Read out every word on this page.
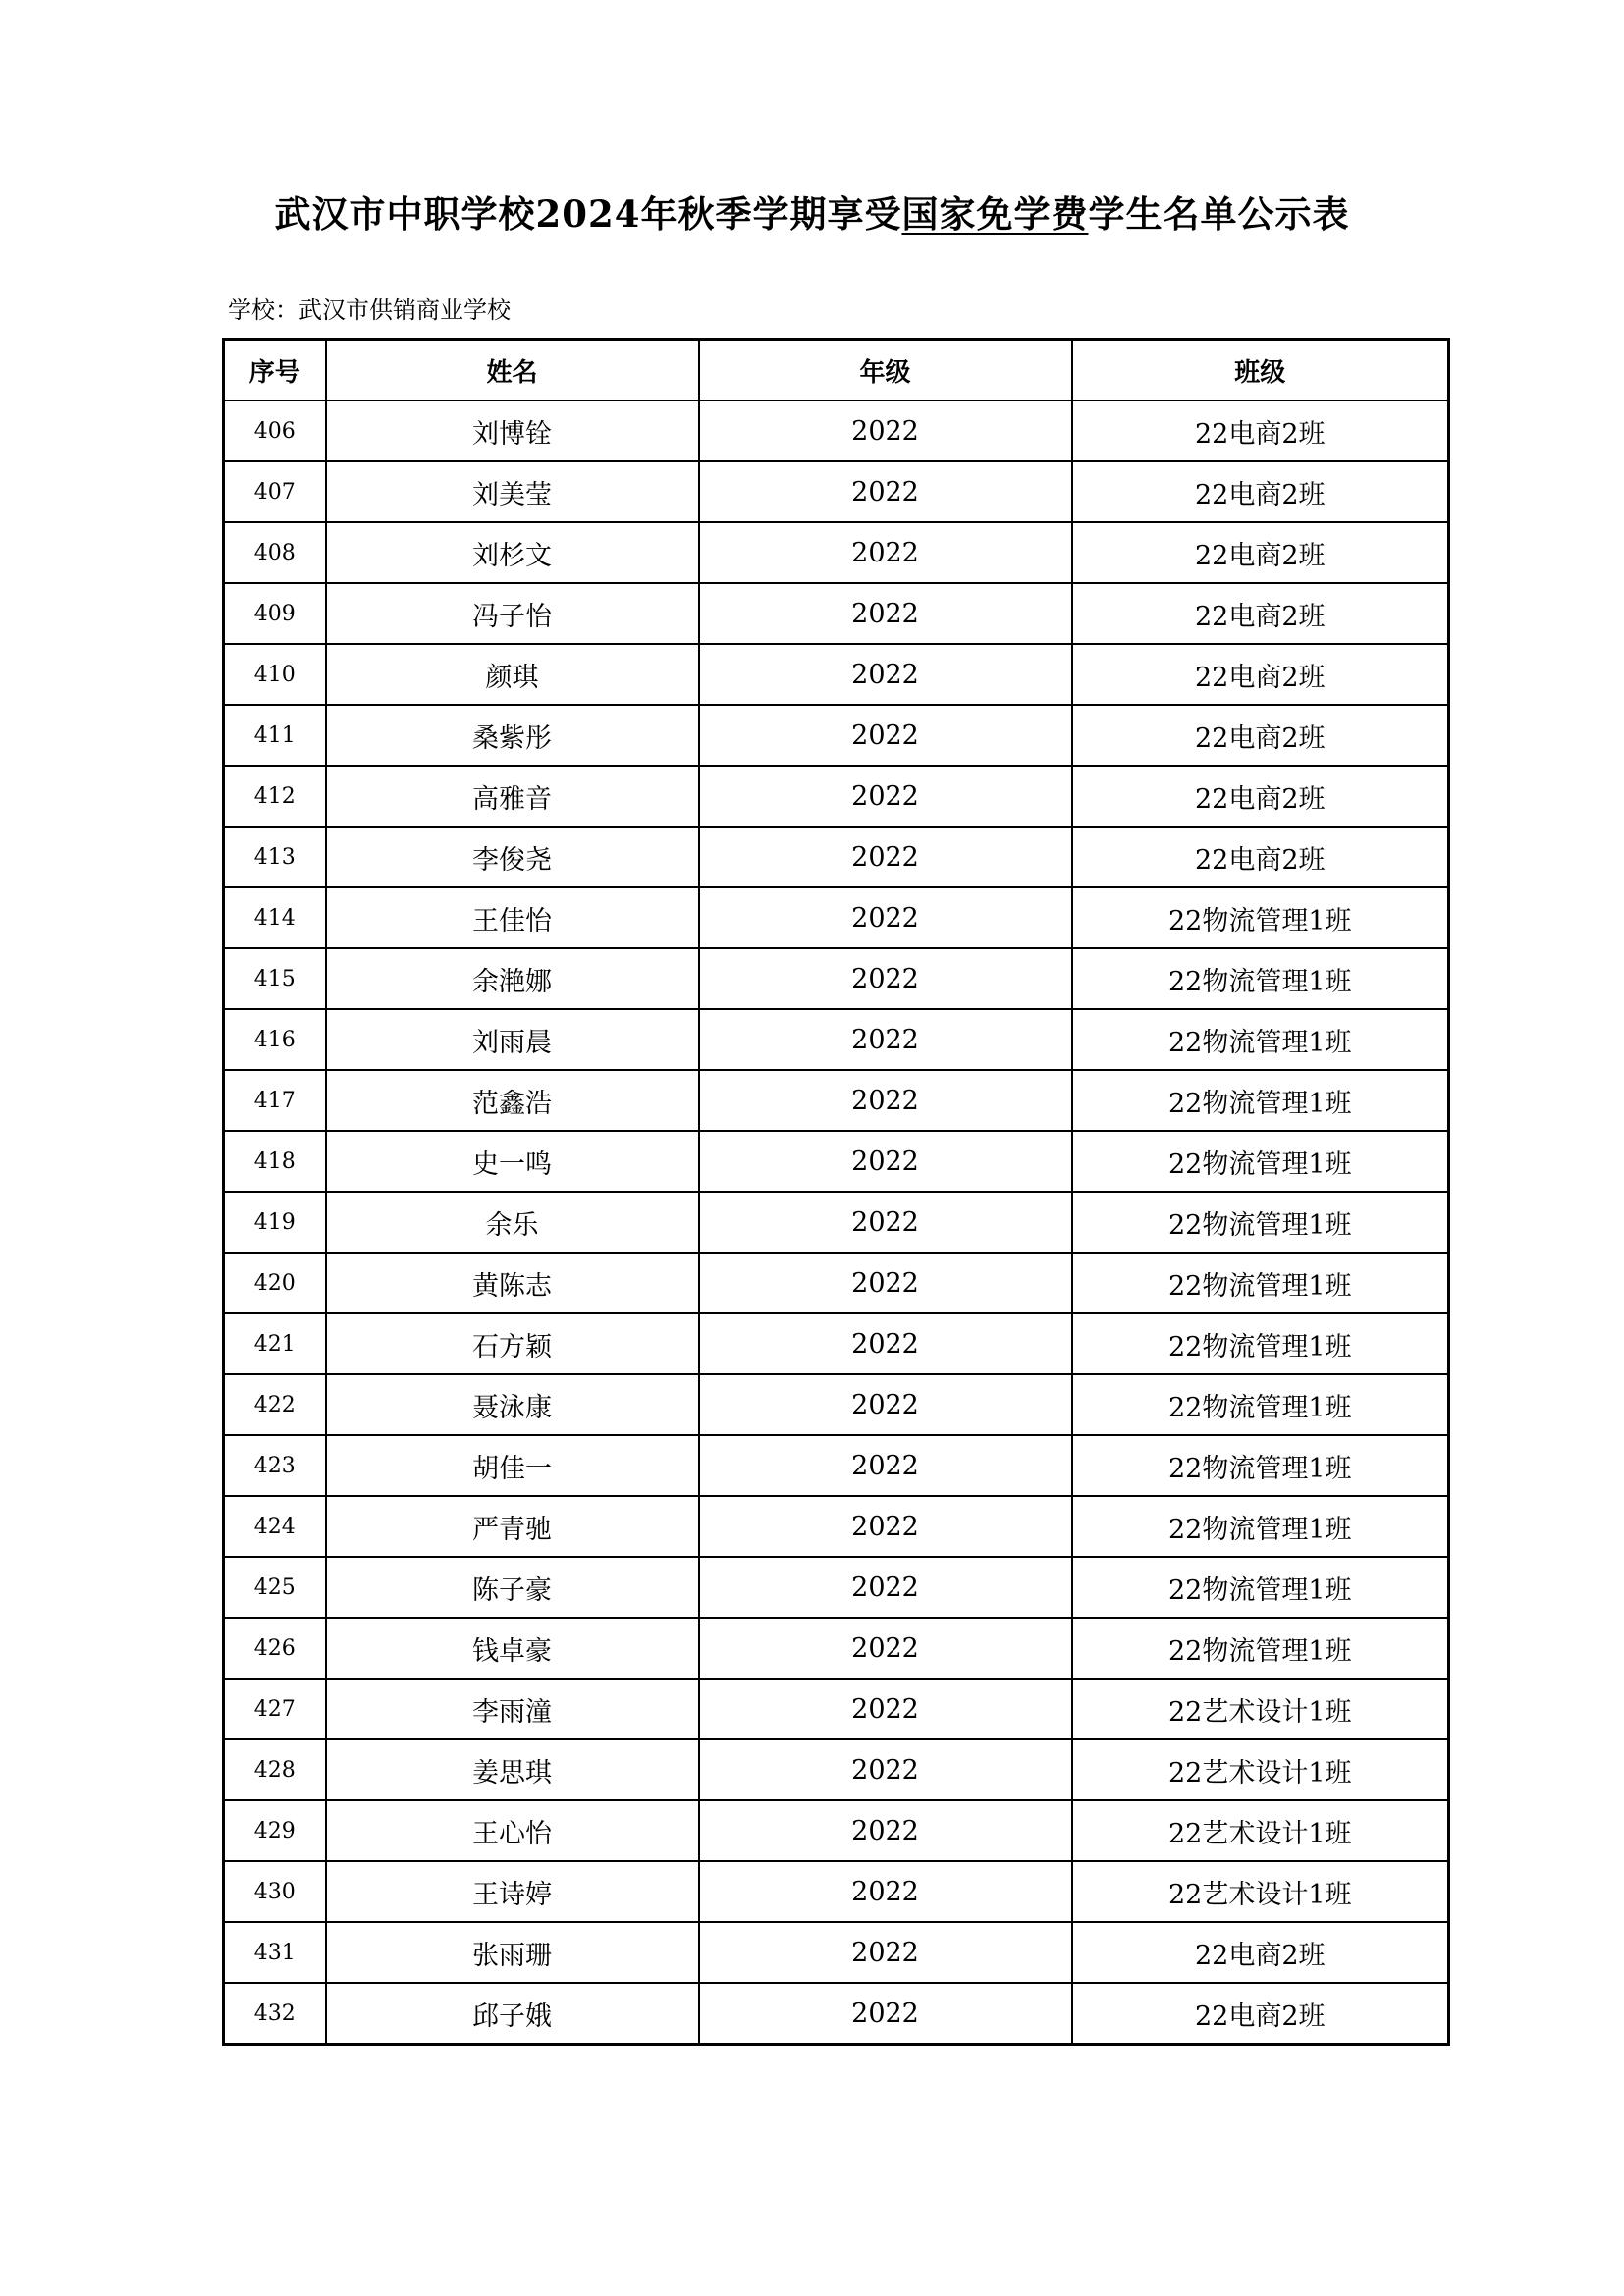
武汉市中职学校2024年秋季学期享受国家免学费学生名单公示表
学校：武汉市供销商业学校
序号	姓名	年级	班级
406	刘博铨	2022	22电商2班
407	刘美莹	2022	22电商2班
408	刘杉文	2022	22电商2班
409	冯子怡	2022	22电商2班
410	颜琪	2022	22电商2班
411	桑紫彤	2022	22电商2班
412	高雅音	2022	22电商2班
413	李俊尧	2022	22电商2班
414	王佳怡	2022	22物流管理1班
415	余滟娜	2022	22物流管理1班
416	刘雨晨	2022	22物流管理1班
417	范鑫浩	2022	22物流管理1班
418	史一鸣	2022	22物流管理1班
419	余乐	2022	22物流管理1班
420	黄陈志	2022	22物流管理1班
421	石方颖	2022	22物流管理1班
422	聂泳康	2022	22物流管理1班
423	胡佳一	2022	22物流管理1班
424	严青驰	2022	22物流管理1班
425	陈子豪	2022	22物流管理1班
426	钱卓豪	2022	22物流管理1班
427	李雨潼	2022	22艺术设计1班
428	姜思琪	2022	22艺术设计1班
429	王心怡	2022	22艺术设计1班
430	王诗婷	2022	22艺术设计1班
431	张雨珊	2022	22电商2班
432	邱子娥	2022	22电商2班
